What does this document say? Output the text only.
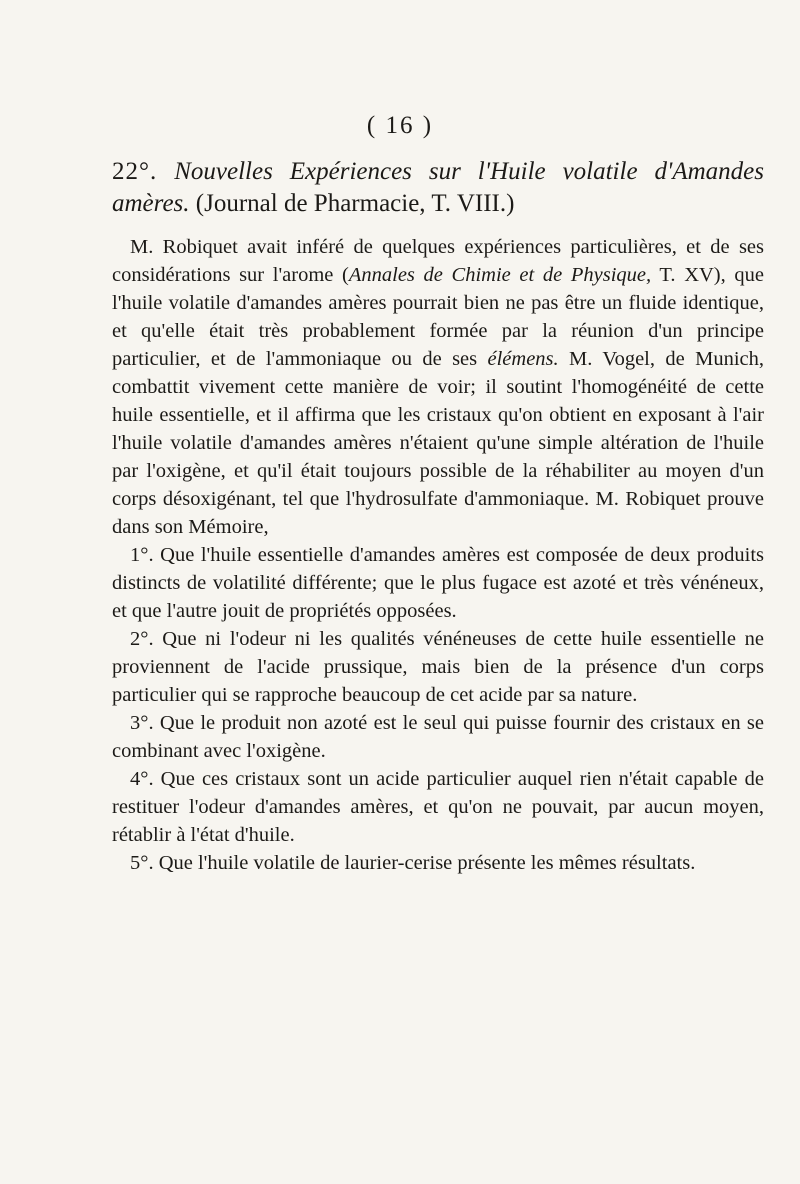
( 16 )

22°. Nouvelles Expériences sur l'Huile volatile d'Amandes amères. (Journal de Pharmacie, T. VIII.)

M. Robiquet avait inféré de quelques expériences particulières, et de ses considérations sur l'arome (Annales de Chimie et de Physique, T. XV), que l'huile volatile d'amandes amères pourrait bien ne pas être un fluide identique, et qu'elle était très probablement formée par la réunion d'un principe particulier, et de l'ammoniaque ou de ses élémens. M. Vogel, de Munich, combattit vivement cette manière de voir; il soutint l'homogénéité de cette huile essentielle, et il affirma que les cristaux qu'on obtient en exposant à l'air l'huile volatile d'amandes amères n'étaient qu'une simple altération de l'huile par l'oxigène, et qu'il était toujours possible de la réhabiliter au moyen d'un corps désoxigénant, tel que l'hydrosulfate d'ammoniaque. M. Robiquet prouve dans son Mémoire,

1°. Que l'huile essentielle d'amandes amères est composée de deux produits distincts de volatilité différente; que le plus fugace est azoté et très vénéneux, et que l'autre jouit de propriétés opposées.

2°. Que ni l'odeur ni les qualités vénéneuses de cette huile essentielle ne proviennent de l'acide prussique, mais bien de la présence d'un corps particulier qui se rapproche beaucoup de cet acide par sa nature.

3°. Que le produit non azoté est le seul qui puisse fournir des cristaux en se combinant avec l'oxigène.

4°. Que ces cristaux sont un acide particulier auquel rien n'était capable de restituer l'odeur d'amandes amères, et qu'on ne pouvait, par aucun moyen, rétablir à l'état d'huile.

5°. Que l'huile volatile de laurier-cerise présente les mêmes résultats.
